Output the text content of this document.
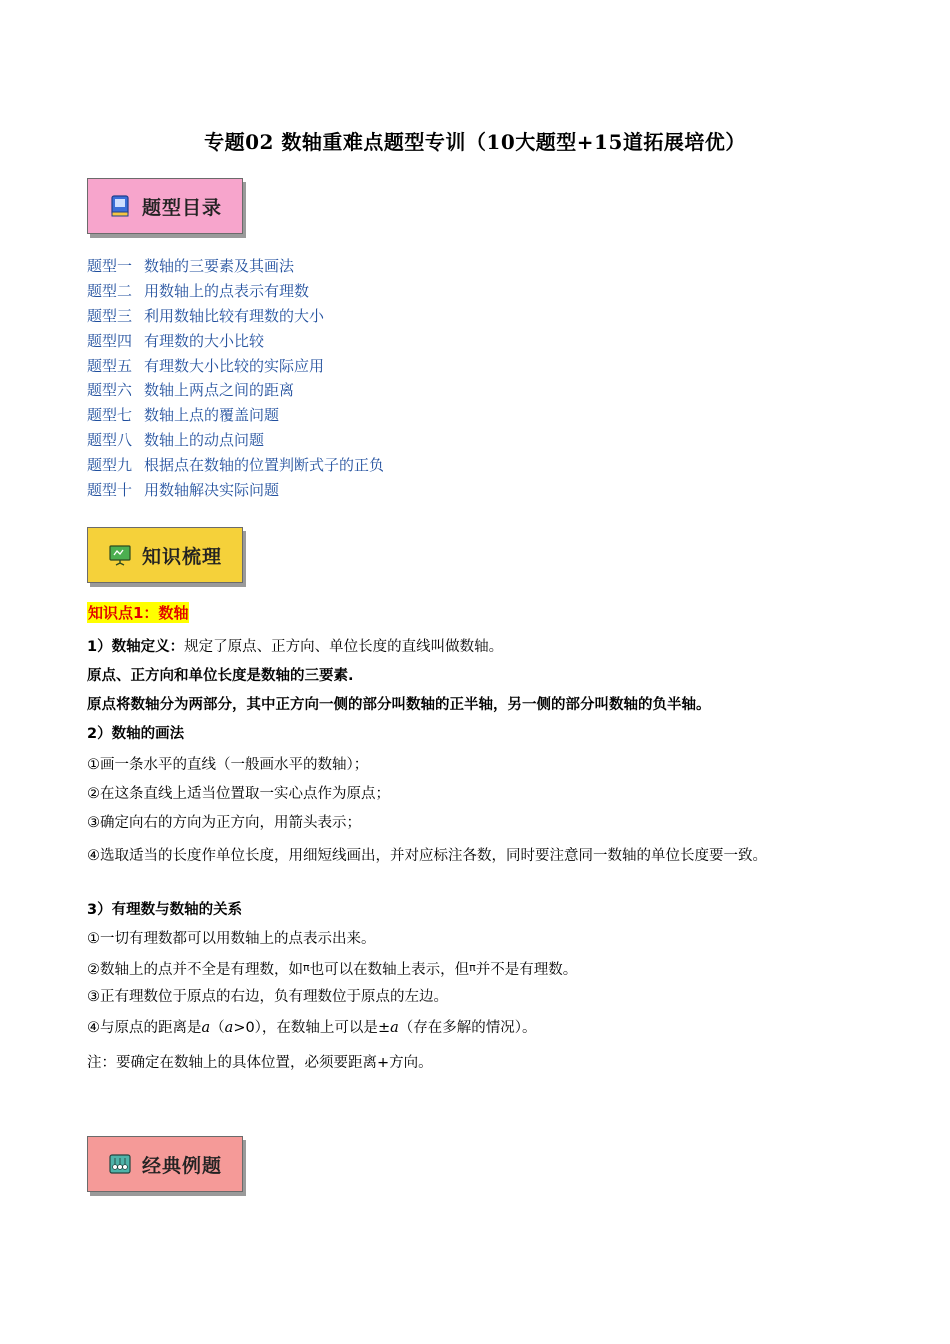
专题02 数轴重难点题型专训（10大题型+15道拓展培优）
题型目录
题型一 数轴的三要素及其画法
题型二 用数轴上的点表示有理数
题型三 利用数轴比较有理数的大小
题型四 有理数的大小比较
题型五 有理数大小比较的实际应用
题型六 数轴上两点之间的距离
题型七 数轴上点的覆盖问题
题型八 数轴上的动点问题
题型九 根据点在数轴的位置判断式子的正负
题型十 用数轴解决实际问题
知识梳理
知识点1：数轴
1）数轴定义：规定了原点、正方向、单位长度的直线叫做数轴。
原点、正方向和单位长度是数轴的三要素.
原点将数轴分为两部分，其中正方向一侧的部分叫数轴的正半轴，另一侧的部分叫数轴的负半轴。
2）数轴的画法
①画一条水平的直线（一般画水平的数轴）；
②在这条直线上适当位置取一实心点作为原点；
③确定向右的方向为正方向，用箭头表示；
④选取适当的长度作单位长度，用细短线画出，并对应标注各数，同时要注意同一数轴的单位长度要一致。
3）有理数与数轴的关系
①一切有理数都可以用数轴上的点表示出来。
②数轴上的点并不全是有理数，如$^\pi$也可以在数轴上表示，但$^\pi$并不是有理数。
③正有理数位于原点的右边，负有理数位于原点的左边。
④与原点的距离是a（a>0），在数轴上可以是±a（存在多解的情况）。
注：要确定在数轴上的具体位置，必须要距离+方向。
经典例题
